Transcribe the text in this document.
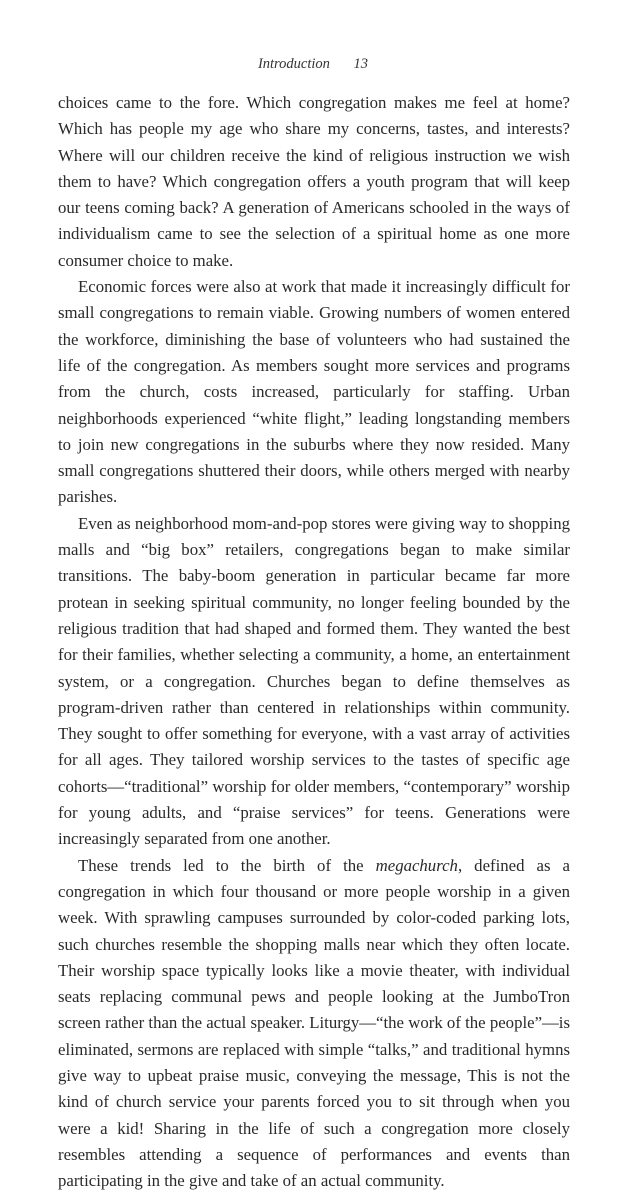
Introduction 13

choices came to the fore. Which congregation makes me feel at home? Which has people my age who share my concerns, tastes, and interests? Where will our children receive the kind of religious instruction we wish them to have? Which congregation offers a youth program that will keep our teens coming back? A generation of Americans schooled in the ways of individualism came to see the selection of a spiritual home as one more consumer choice to make.

Economic forces were also at work that made it increasingly difficult for small congregations to remain viable. Growing numbers of women entered the workforce, diminishing the base of volunteers who had sustained the life of the congregation. As members sought more services and programs from the church, costs increased, particularly for staffing. Urban neighborhoods experienced “white flight,” leading longstanding members to join new congregations in the suburbs where they now resided. Many small congregations shuttered their doors, while others merged with nearby parishes.

Even as neighborhood mom-and-pop stores were giving way to shopping malls and “big box” retailers, congregations began to make similar transitions. The baby-boom generation in particular became far more protean in seeking spiritual community, no longer feeling bounded by the religious tradition that had shaped and formed them. They wanted the best for their families, whether selecting a community, a home, an entertainment system, or a congregation. Churches began to define themselves as program-driven rather than centered in relationships within community. They sought to offer something for everyone, with a vast array of activities for all ages. They tailored worship services to the tastes of specific age cohorts—“traditional” worship for older members, “contemporary” worship for young adults, and “praise services” for teens. Generations were increasingly separated from one another.

These trends led to the birth of the megachurch, defined as a congregation in which four thousand or more people worship in a given week. With sprawling campuses surrounded by color-coded parking lots, such churches resemble the shopping malls near which they often locate. Their worship space typically looks like a movie theater, with individual seats replacing communal pews and people looking at the JumboTron screen rather than the actual speaker. Liturgy—“the work of the people”—is eliminated, sermons are replaced with simple “talks,” and traditional hymns give way to upbeat praise music, conveying the message, This is not the kind of church service your parents forced you to sit through when you were a kid! Sharing in the life of such a congregation more closely resembles attending a sequence of performances and events than participating in the give and take of an actual community.
